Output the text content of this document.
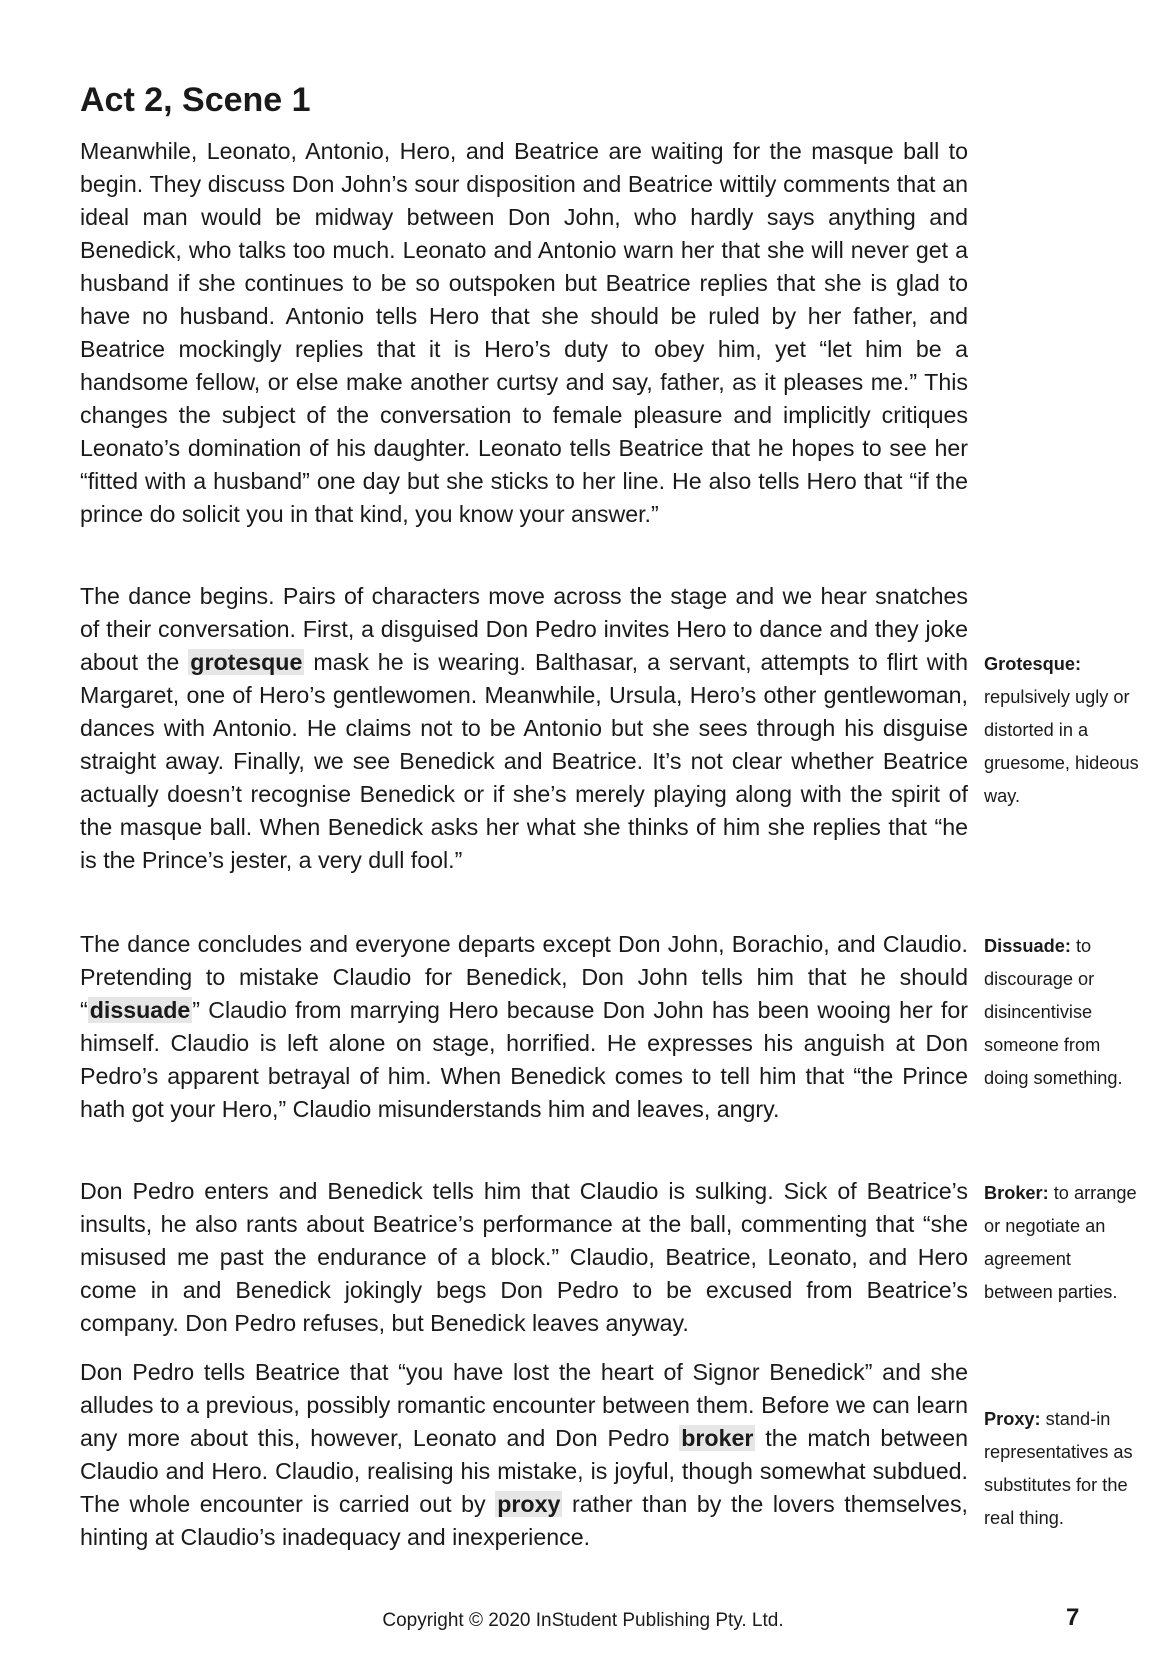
Act 2, Scene 1

Meanwhile, Leonato, Antonio, Hero, and Beatrice are waiting for the masque ball to begin. They discuss Don John’s sour disposition and Beatrice wittily comments that an ideal man would be midway between Don John, who hardly says anything and Benedick, who talks too much. Leonato and Antonio warn her that she will never get a husband if she continues to be so outspoken but Beatrice replies that she is glad to have no husband. Antonio tells Hero that she should be ruled by her father, and Beatrice mockingly replies that it is Hero’s duty to obey him, yet “let him be a handsome fellow, or else make another curtsy and say, father, as it pleases me.” This changes the subject of the conversation to female pleasure and implicitly critiques Leonato’s domination of his daughter. Leonato tells Beatrice that he hopes to see her “fitted with a husband” one day but she sticks to her line. He also tells Hero that “if the prince do solicit you in that kind, you know your answer.”

The dance begins. Pairs of characters move across the stage and we hear snatches of their conversation. First, a disguised Don Pedro invites Hero to dance and they joke about the grotesque mask he is wearing. Balthasar, a servant, attempts to flirt with Margaret, one of Hero’s gentlewomen. Meanwhile, Ursula, Hero’s other gentlewoman, dances with Antonio. He claims not to be Antonio but she sees through his disguise straight away. Finally, we see Benedick and Beatrice. It’s not clear whether Beatrice actually doesn’t recognise Benedick or if she’s merely playing along with the spirit of the masque ball. When Benedick asks her what she thinks of him she replies that “he is the Prince’s jester, a very dull fool.”

The dance concludes and everyone departs except Don John, Borachio, and Claudio. Pretending to mistake Claudio for Benedick, Don John tells him that he should “dissuade” Claudio from marrying Hero because Don John has been wooing her for himself. Claudio is left alone on stage, horrified. He expresses his anguish at Don Pedro’s apparent betrayal of him. When Benedick comes to tell him that “the Prince hath got your Hero,” Claudio misunderstands him and leaves, angry.

Don Pedro enters and Benedick tells him that Claudio is sulking. Sick of Beatrice’s insults, he also rants about Beatrice’s performance at the ball, commenting that “she misused me past the endurance of a block.” Claudio, Beatrice, Leonato, and Hero come in and Benedick jokingly begs Don Pedro to be excused from Beatrice’s company. Don Pedro refuses, but Benedick leaves anyway.

Don Pedro tells Beatrice that “you have lost the heart of Signor Benedick” and she alludes to a previous, possibly romantic encounter between them. Before we can learn any more about this, however, Leonato and Don Pedro broker the match between Claudio and Hero. Claudio, realising his mistake, is joyful, though somewhat subdued. The whole encounter is carried out by proxy rather than by the lovers themselves, hinting at Claudio’s inadequacy and inexperience.

Grotesque: repulsively ugly or distorted in a gruesome, hideous way.
Dissuade: to discourage or disincentivise someone from doing something.
Broker: to arrange or negotiate an agreement between parties.
Proxy: stand-in representatives as substitutes for the real thing.
Copyright © 2020 InStudent Publishing Pty. Ltd.	7
